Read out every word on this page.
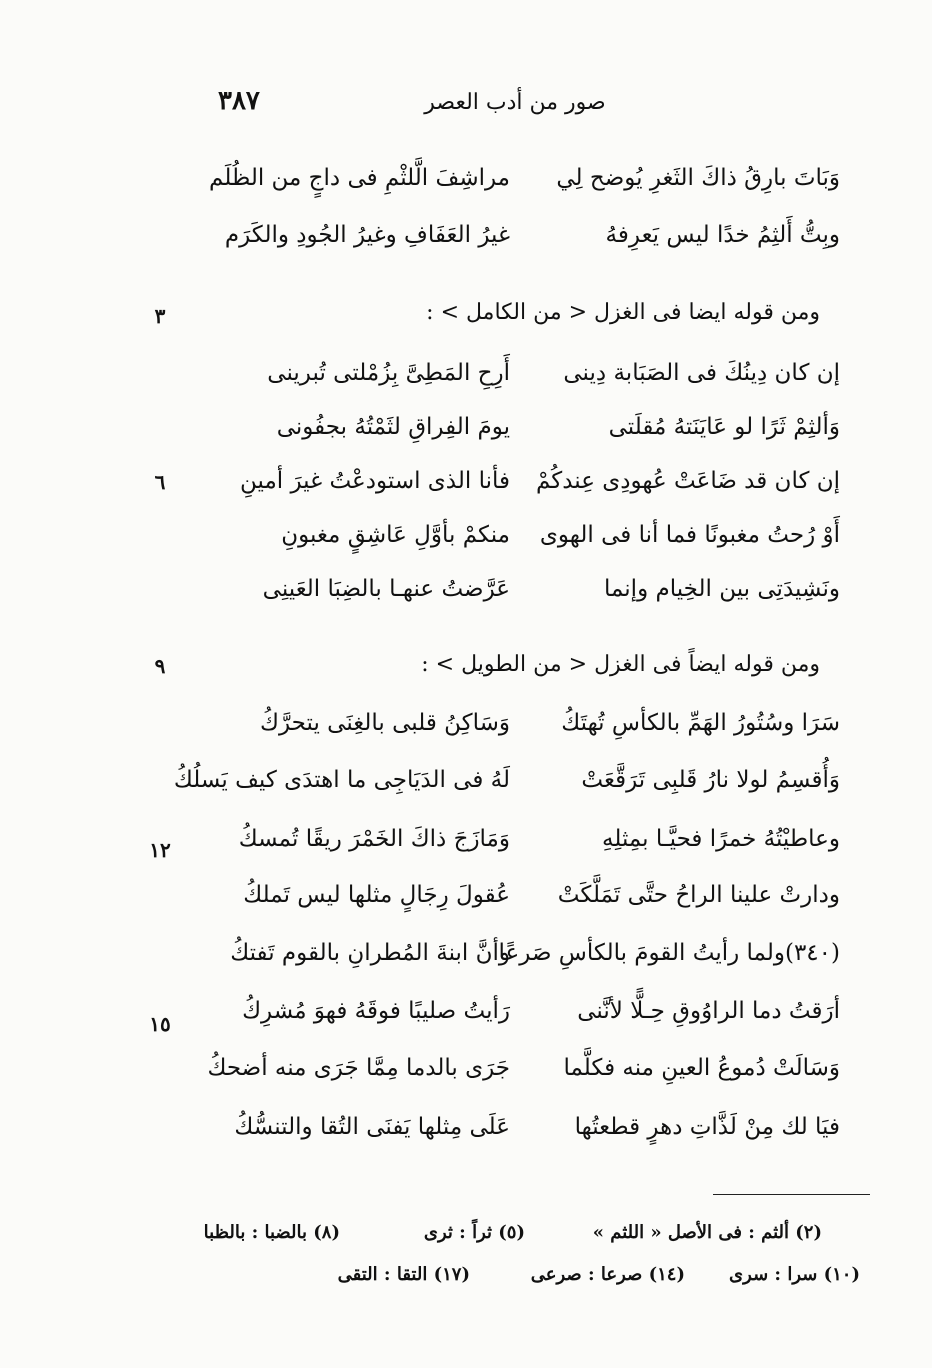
٣٨٧	صور من أدب العصر
وَبَاتَ بارِقُ ذاكَ الثَغرِ يُوضح لِي
مراشِفَ الَّلثْمِ فى داجٍ من الظُلَم
وبِتُّ أَلثِمُ خدًا ليس يَعرِفهُ
غيرُ العَفَافِ وغيرُ الجُودِ والكَرَم
ومن قوله ايضا فى الغزل < من الكامل > :
٣
إن كان دِينُكَ فى الصَبَابة دِينى
أَرِحِ المَطِىَّ بِزُمْلتى تُبرينى
وَألثِمْ ثَرًا لو عَايَنَتهُ مُقلَتى
يومَ الفِراقِ لثَمْتُهُ بجفُونى
إن كان قد ضَاعَتْ عُهودِى عِندكُمْ
فأنا الذى استودعْتُ غيرَ أمينِ
٦
أَوْ رُحتُ مغبونًا فما أنا فى الهوى
منكمْ بأوَّلِ عَاشِقٍ مغبونِ
ونَشِيدَتِى بين الخِيام وإنما
عَرَّضتُ عنهـا بالضِبَا العَينِى
ومن قوله ايضاً فى الغزل < من الطويل > :
٩
سَرَا وسُتُورُ الهَمِّ بالكأسِ تُهتَكُ
وَسَاكِنُ قلبى بالغِنَى يتحرَّكُ
وَأُقسِمُ لولا نارُ قَلبِى تَرَقَّعَتْ
لَهُ فى الدَيَاجِى ما اهتدَى كيف يَسلُكُ
وعاطيْتُهُ خمرًا فحيَّـا بمِثلِهِ
وَمَازَجَ ذاكَ الخَمْرَ ريقًا تُمسكُ
١٢
ودارتْ علينا الراحُ حتَّى تَمَلَّكَتْ
عُقولَ رِجَالٍ مثلها ليس تَملكُ
(٣٤٠)ولما رأيتُ القومَ بالكأسِ صَرعًا
وأنَّ ابنةَ المُطرانِ بالقوم تَفتكُ
أرَقتُ دما الراوُوقِ حِـلًّا لأنَّنى
رَأيتُ صليبًا فوقَهُ فهوَ مُشرِكُ
١٥
وَسَالَتْ دُموعُ العينِ منه فكلَّما
جَرَى بالدما مِمَّا جَرَى منه أضحكُ
فيَا لك مِنْ لَذَّاتِ دهرٍ قطعتُها
عَلَى مِثلها يَفنَى التُقا والتنسُّكُ
(٢) ألثم : فى الأصل « اللثم »
(٥) ثراً : ثرى
(٨) بالضبا : بالظبا
(١٠) سرا : سرى
(١٤) صرعا : صرعى
(١٧) التقا : التقى
